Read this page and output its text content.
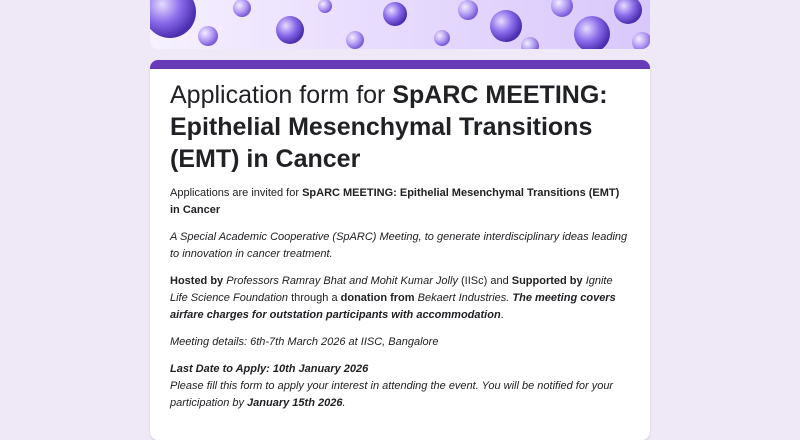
Application form for SpARC MEETING: Epithelial Mesenchymal Transitions (EMT) in Cancer

Applications are invited for SpARC MEETING: Epithelial Mesenchymal Transitions (EMT) in Cancer

A Special Academic Cooperative (SpARC) Meeting, to generate interdisciplinary ideas leading to innovation in cancer treatment.

Hosted by Professors Ramray Bhat and Mohit Kumar Jolly (IISc) and Supported by Ignite Life Science Foundation through a donation from Bekaert Industries. The meeting covers airfare charges for outstation participants with accommodation.

Meeting details: 6th-7th March 2026 at IISC, Bangalore

Last Date to Apply: 10th January 2026
Please fill this form to apply your interest in attending the event. You will be notified for your participation by January 15th 2026.
